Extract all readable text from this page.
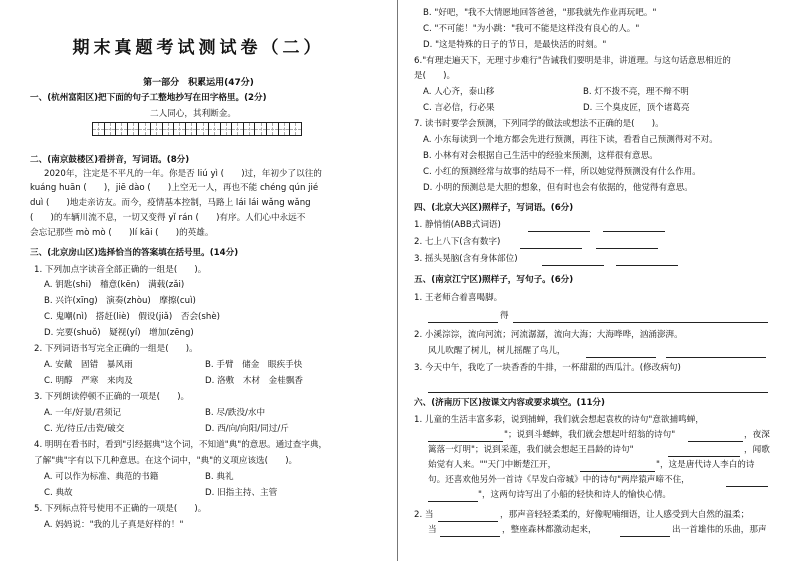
期末真题考试测试卷（二）
第一部分　积累运用(47分)
一、(杭州富阳区)把下面的句子工整地抄写在田字格里。(2分)
二人同心，其利断金。
二、(南京鼓楼区)看拼音，写词语。(8分)
2020年，注定是不平凡的一年。你是否 liú yì (　　)过，年初少了以往的
kuáng huān (　　)，jiē dào (　　)上空无一人，再也不能 chéng qún jié
duì (　　)地走亲访友。而今，疫情基本控制，马路上 lái lái wǎng wǎng
(　　)的车辆川流不息，一切又变得 yǐ rán (　　)有序。人们心中永远不
会忘记那些 mò mò (　　)lí kāi (　　)的英雄。
三、(北京房山区)选择恰当的答案填在括号里。(14分)
1. 下列加点字读音全部正确的一组是(　　)。
A. 钥匙(shi)　稽意(kēn)　满载(zǎi)
B. 兴许(xīng)　演奏(zhòu)　摩擦(cuì)
C. 鬼嘲(nì)　搭赶(liè)　假设(jiǎ)　否会(shè)
D. 完要(shuǒ)　疑视(yí)　增加(zēng)
2. 下列词语书写完全正确的一组是(　　)。
A. 安戴　固错　暴风雨	B. 手臂　储金　眼疾手快
C. 明醇　严寒　来肉及	D. 洛敷　木材　金桂飘香
3. 下列朗读停顿不正确的一项是(　　)。
A. 一年/好景/君须记	B. 尽/跌没/水中
C. 光/待丘/击瓷/破交	D. 西/向/向阳/同过/斤
4. 明明在看书时，看到"引经据典"这个词，不知道"典"的意思。通过查字典，
了解"典"字有以下几种意思。在这个词中，"典"的义项应该选(　　)。
A. 可以作为标准、典范的书籍	B. 典礼
C. 典故	D. 旧指主持、主管
5. 下列标点符号使用不正确的一项是(　　)。
A. 妈妈说："我的儿子真是好样的！"
B. "好吧，"我不大情愿地回答爸爸，"那我就先作业再玩吧。"
C. "不可能！"为小跳："我可不能是这样没有良心的人。"
D. "这是特殊的日子的节日，是最快活的时刻。"
6."有理走遍天下，无理寸步难行"告诫我们要明是非，讲道理。与这句话意思相近的
是(　　)。
A. 人心齐，泰山移	B. 灯不拨不亮，理不辩不明
C. 言必信，行必果	D. 三个臭皮匠，顶个诸葛亮
7. 读书时要学会预测，下列同学的做法或想法不正确的是(　　)。
A. 小东每读到一个地方都会先进行预测，再往下读，看看自己预测得对不对。
B. 小林有对会根据自己生活中的经验来预测，这样很有意思。
C. 小红的预测经常与故事的结局不一样，所以她觉得预测没有什么作用。
D. 小明的预测总是大胆的想象，但有时也会有依据的，他觉得有意思。
四、(北京大兴区)照样子，写词语。(6分)
1. 静悄悄(ABB式词语)
2. 七上八下(含有数字)
3. 摇头晃脑(含有身体部位)
五、(南京江宁区)照样子，写句子。(6分)
1. 王老师合着喜喝脚。
得
2. 小溪淙淙，流向河流；河流潺潺，流向大海；大海哗哗，汹涌澎湃。
风儿吹醒了树儿，树儿摇醒了鸟儿，
3. 今天中午，我吃了一块香香的牛排，一杯甜甜的西瓜汁。(修改病句)
六、(济南历下区)按课文内容或要求填空。(11分)
1. 儿童的生活丰富多彩，说到捕蝉，我们就会想起袁枚的诗句"意欲捕鸣蝉，
"；说到斗蟋蟀，我们就会想起叶绍翁的诗句"	，夜深
篱落一灯明"；说到采莲，我们就会想起王昌龄的诗句"	，闻歌
始觉有人来。""天门中断楚江开，	"，这是唐代诗人李白的诗
句。还喜欢他另外一首诗《早发白帝城》中的诗句"两岸猿声啼不住，
"，这两句诗写出了小船的轻快和诗人的愉快心情。
2. 当	，那声音轻轻柔柔的，好像呢喃细语，让人感受到大自然的温柔；
当	，整座森林都激动起来，	出一首雄伟的乐曲，那声
